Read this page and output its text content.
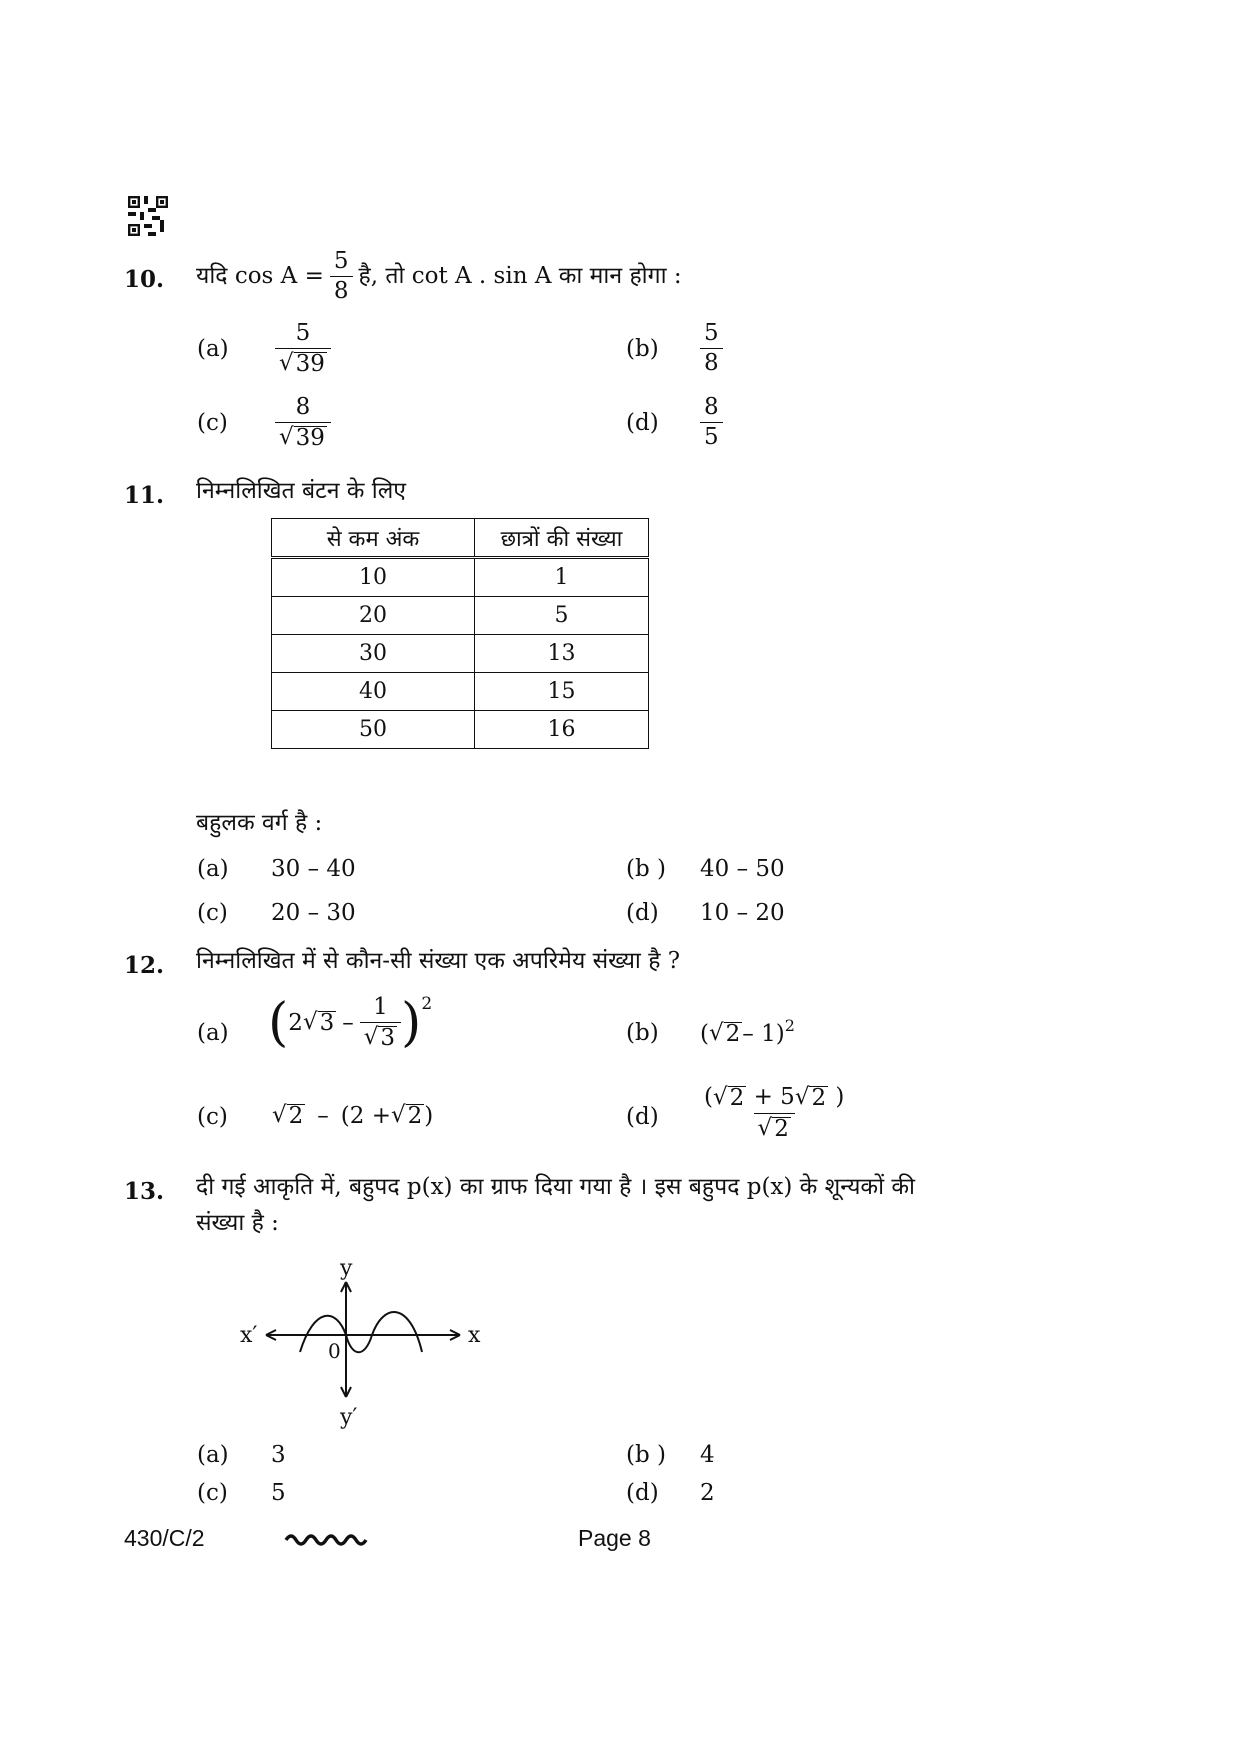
10. यदि $\cos A = \frac{5}{8}$ है, तो cot A . sin A का मान होगा :
$(a) \frac{5}{√ 39}$	$(b) \frac{5}{8}$
$(c) \frac{8}{√ 39}$	$(d) \frac{8}{5}$
11. निम्नलिखित बंटन के लिए
से कम अंक	छात्रों की संख्या
10	1
20	5
30	13
40	15
50	16
बहुलक वर्ग है :
(a) 30 – 40	(b ) 40 – 50
(c) 20 – 30	(d) 10 – 20
12. निम्नलिखित में से कौन-सी संख्या एक अपरिमेय संख्या है ?
(a) ( 2 √ $3 - \frac{1}{√ 3}$ ) 2
(b) ( √ 2 – 1) 2
(c) √ 2 – (2 + √ 2 )	$(d) \frac{( √ 2 + 5 √ 2 )}{√ 2}$
13. दी गई आकृति में, बहुपद p(x) का ग्राफ दिया गया है । इस बहुपद p(x) के शून्यकों की
संख्या है :
y
y′
x
x′
0
(a) 3	(b ) 4
(c) 5	(d) 2
430/C/2	Page 8
